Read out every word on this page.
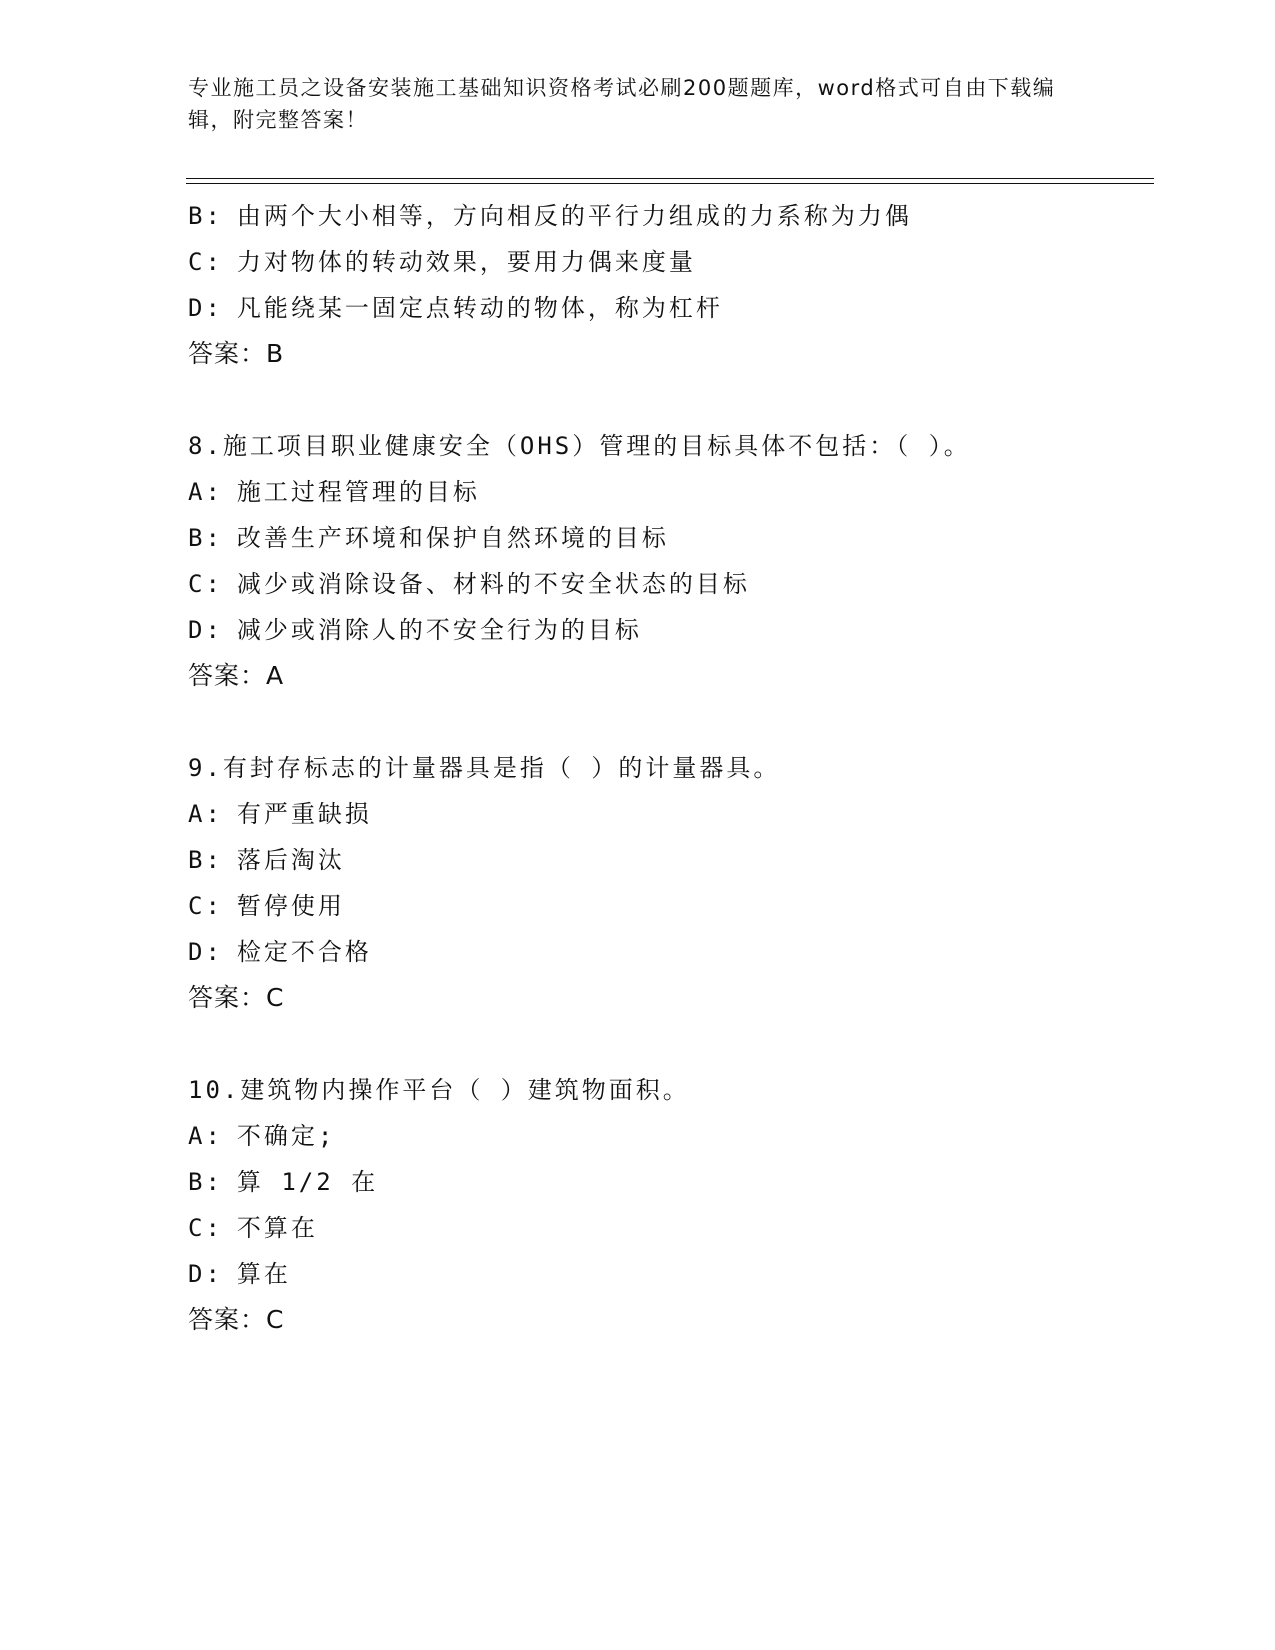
专业施工员之设备安装施工基础知识资格考试必刷200题题库，word格式可自由下载编辑，附完整答案！
B: 由两个大小相等，方向相反的平行力组成的力系称为力偶
C: 力对物体的转动效果，要用力偶来度量
D: 凡能绕某一固定点转动的物体，称为杠杆
答案：B
8.施工项目职业健康安全（OHS）管理的目标具体不包括：（ ）。
A: 施工过程管理的目标
B: 改善生产环境和保护自然环境的目标
C: 减少或消除设备、材料的不安全状态的目标
D: 减少或消除人的不安全行为的目标
答案：A
9.有封存标志的计量器具是指（ ）的计量器具。
A: 有严重缺损
B: 落后淘汰
C: 暂停使用
D: 检定不合格
答案：C
10.建筑物内操作平台（ ）建筑物面积。
A: 不确定;
B: 算 1/2 在
C: 不算在
D: 算在
答案：C
